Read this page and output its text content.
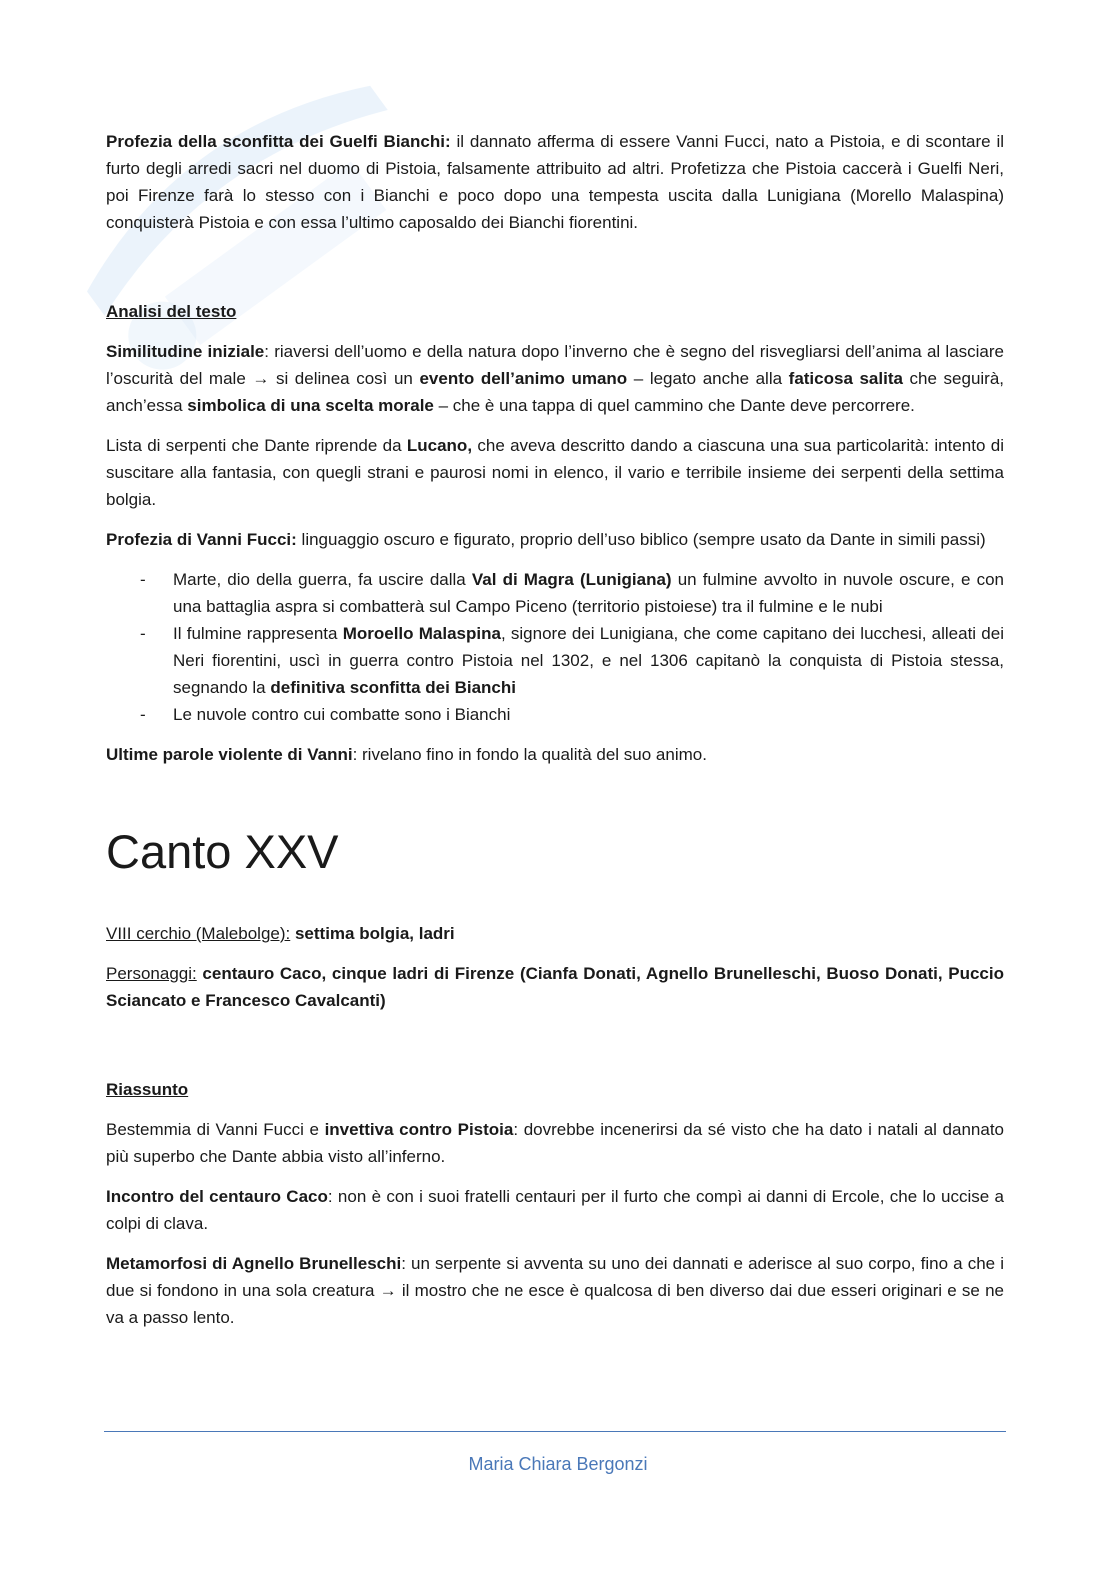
Profezia della sconfitta dei Guelfi Bianchi: il dannato afferma di essere Vanni Fucci, nato a Pistoia, e di scontare il furto degli arredi sacri nel duomo di Pistoia, falsamente attribuito ad altri. Profetizza che Pistoia caccerà i Guelfi Neri, poi Firenze farà lo stesso con i Bianchi e poco dopo una tempesta uscita dalla Lunigiana (Morello Malaspina) conquisterà Pistoia e con essa l’ultimo caposaldo dei Bianchi fiorentini.

Analisi del testo

Similitudine iniziale: riaversi dell’uomo e della natura dopo l’inverno che è segno del risvegliarsi dell’anima al lasciare l’oscurità del male → si delinea così un evento dell’animo umano – legato anche alla faticosa salita che seguirà, anch’essa simbolica di una scelta morale – che è una tappa di quel cammino che Dante deve percorrere.

Lista di serpenti che Dante riprende da Lucano, che aveva descritto dando a ciascuna una sua particolarità: intento di suscitare alla fantasia, con quegli strani e paurosi nomi in elenco, il vario e terribile insieme dei serpenti della settima bolgia.

Profezia di Vanni Fucci: linguaggio oscuro e figurato, proprio dell’uso biblico (sempre usato da Dante in simili passi)

- Marte, dio della guerra, fa uscire dalla Val di Magra (Lunigiana) un fulmine avvolto in nuvole oscure, e con una battaglia aspra si combatterà sul Campo Piceno (territorio pistoiese) tra il fulmine e le nubi
- Il fulmine rappresenta Moroello Malaspina, signore dei Lunigiana, che come capitano dei lucchesi, alleati dei Neri fiorentini, uscì in guerra contro Pistoia nel 1302, e nel 1306 capitanò la conquista di Pistoia stessa, segnando la definitiva sconfitta dei Bianchi
- Le nuvole contro cui combatte sono i Bianchi

Ultime parole violente di Vanni: rivelano fino in fondo la qualità del suo animo.

Canto XXV

VIII cerchio (Malebolge): settima bolgia, ladri

Personaggi: centauro Caco, cinque ladri di Firenze (Cianfa Donati, Agnello Brunelleschi, Buoso Donati, Puccio Sciancato e Francesco Cavalcanti)

Riassunto

Bestemmia di Vanni Fucci e invettiva contro Pistoia: dovrebbe incenerirsi da sé visto che ha dato i natali al dannato più superbo che Dante abbia visto all’inferno.

Incontro del centauro Caco: non è con i suoi fratelli centauri per il furto che compì ai danni di Ercole, che lo uccise a colpi di clava.

Metamorfosi di Agnello Brunelleschi: un serpente si avventa su uno dei dannati e aderisce al suo corpo, fino a che i due si fondono in una sola creatura → il mostro che ne esce è qualcosa di ben diverso dai due esseri originari e se ne va a passo lento.

Maria Chiara Bergonzi
